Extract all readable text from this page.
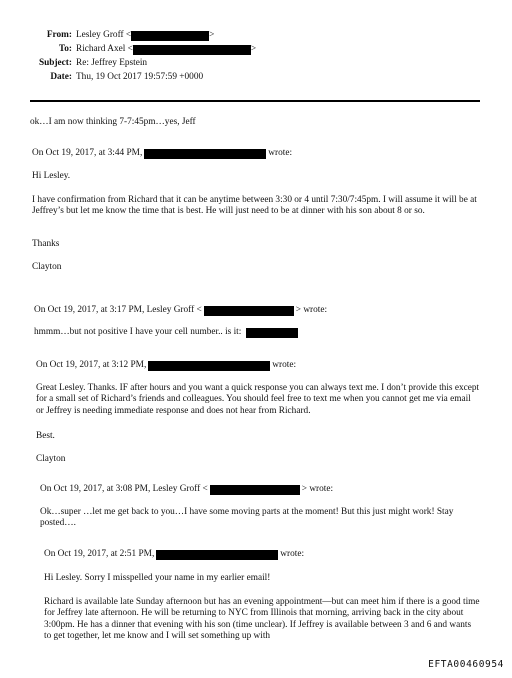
From: Lesley Groff <	>
To: Richard Axel <	>
Subject: Re: Jeffrey Epstein
Date: Thu, 19 Oct 2017 19:57:59 +0000
ok…I am now thinking 7-7:45pm…yes, Jeff
On Oct 19, 2017, at 3:44 PM,	wrote:
Hi Lesley.
I have confirmation from Richard that it can be anytime between 3:30 or 4 until 7:30/7:45pm. I will assume it will be at Jeffrey’s but let me know the time that is best. He will just need to be at dinner with his son about 8 or so.
Thanks
Clayton
On Oct 19, 2017, at 3:17 PM, Lesley Groff <	> wrote:
hmmm…but not positive I have your cell number.. is it:
On Oct 19, 2017, at 3:12 PM,	wrote:
Great Lesley. Thanks. IF after hours and you want a quick response you can always text me. I don’t provide this except for a small set of Richard’s friends and colleagues. You should feel free to text me when you cannot get me via email or Jeffrey is needing immediate response and does not hear from Richard.
Best.
Clayton
On Oct 19, 2017, at 3:08 PM, Lesley Groff <	> wrote:
Ok…super …let me get back to you…I have some moving parts at the moment! But this just might work! Stay posted….
On Oct 19, 2017, at 2:51 PM,	wrote:
Hi Lesley. Sorry I misspelled your name in my earlier email!
Richard is available late Sunday afternoon but has an evening appointment—but can meet him if there is a good time for Jeffrey late afternoon. He will be returning to NYC from Illinois that morning, arriving back in the city about 3:00pm. He has a dinner that evening with his son (time unclear). If Jeffrey is available between 3 and 6 and wants to get together, let me know and I will set something up with
EFTA00460954
